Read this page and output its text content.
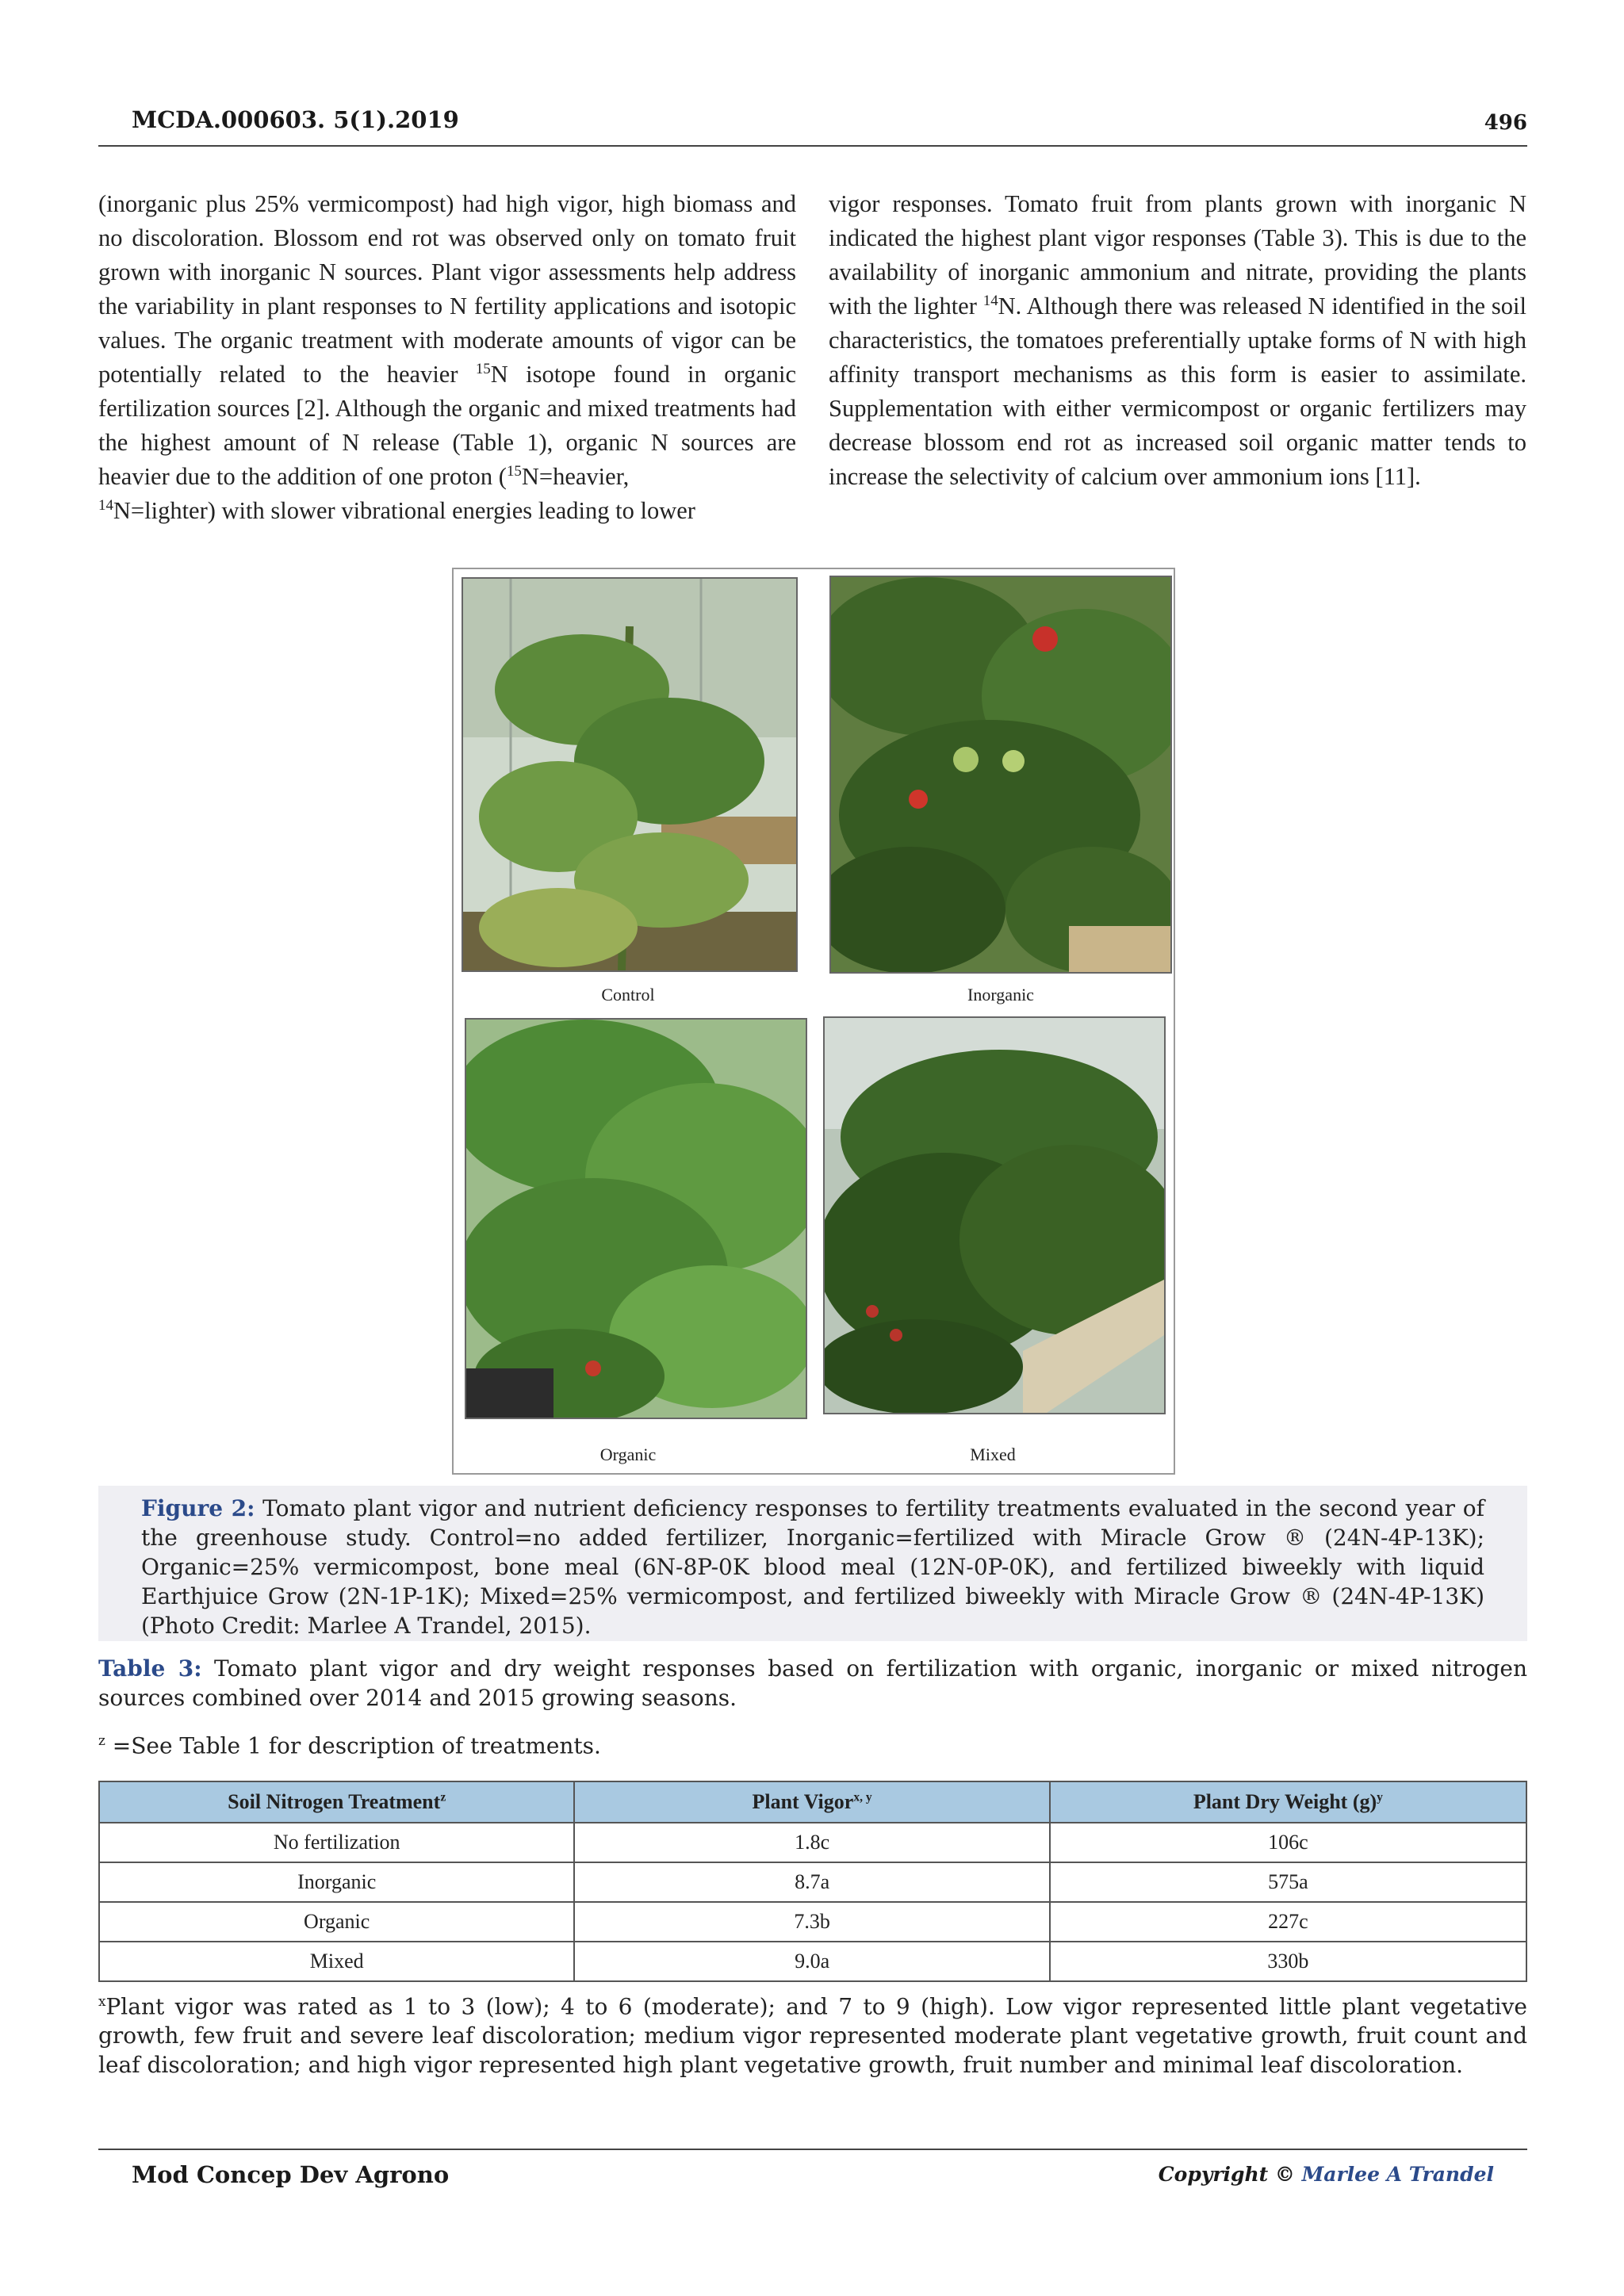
MCDA.000603. 5(1).2019	496

(inorganic plus 25% vermicompost) had high vigor, high biomass and no discoloration. Blossom end rot was observed only on tomato fruit grown with inorganic N sources. Plant vigor assessments help address the variability in plant responses to N fertility applications and isotopic values. The organic treatment with moderate amounts of vigor can be potentially related to the heavier $^{15}$N isotope found in organic fertilization sources [2]. Although the organic and mixed treatments had the highest amount of N release (Table 1), organic N sources are heavier due to the addition of one proton ($^{15}$N=heavier,
$^{14}$N=lighter) with slower vibrational energies leading to lower

vigor responses. Tomato fruit from plants grown with inorganic N indicated the highest plant vigor responses (Table 3). This is due to the availability of inorganic ammonium and nitrate, providing the plants with the lighter $^{14}$N. Although there was released N identified in the soil characteristics, the tomatoes preferentially uptake forms of N with high affinity transport mechanisms as this form is easier to assimilate. Supplementation with either vermicompost or organic fertilizers may decrease blossom end rot as increased soil organic matter tends to increase the selectivity of calcium over ammonium ions [11].

Control	Inorganic
Organic	Mixed
Figure 2: Tomato plant vigor and nutrient deficiency responses to fertility treatments evaluated in the second year of the greenhouse study. Control=no added fertilizer, Inorganic=fertilized with Miracle Grow ® (24N-4P-13K); Organic=25% vermicompost, bone meal (6N-8P-0K blood meal (12N-0P-0K), and fertilized biweekly with liquid Earthjuice Grow (2N-1P-1K); Mixed=25% vermicompost, and fertilized biweekly with Miracle Grow ® (24N-4P-13K) (Photo Credit: Marlee A Trandel, 2015).
Table 3: Tomato plant vigor and dry weight responses based on fertilization with organic, inorganic or mixed nitrogen sources combined over 2014 and 2015 growing seasons.
$^z$ =See Table 1 for description of treatments.
Soil Nitrogen Treatment$^z$	Plant Vigor$^{x, y}$	Plant Dry Weight $(g)^y$
No fertilization	1.8c	106c
Inorganic	8.7a	575a
Organic	7.3b	227c
Mixed	9.0a	330b
$^x$Plant vigor was rated as 1 to 3 (low); 4 to 6 (moderate); and 7 to 9 (high). Low vigor represented little plant vegetative growth, few fruit and severe leaf discoloration; medium vigor represented moderate plant vegetative growth, fruit count and leaf discoloration; and high vigor represented high plant vegetative growth, fruit number and minimal leaf discoloration.
Mod Concep Dev Agrono	Copyright © Marlee A Trandel
